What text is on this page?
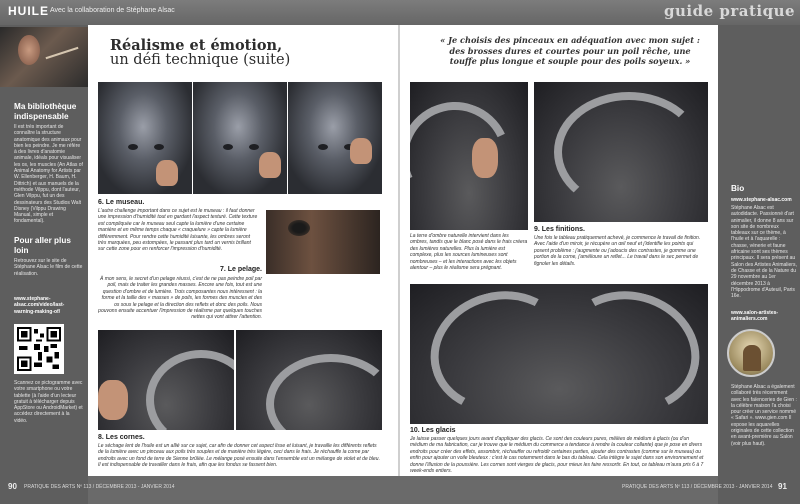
HUILE Avec la collaboration de Stéphane Alsac	guide pratique
Ma bibliothèque indispensable
Il est très important de connaître la structure anatomique des animaux pour bien les peindre. Je me réfère à des livres d'anatomie animale, idéals pour visualiser les os, les muscles (An Atlas of Animal Anatomy for Artists par W. Ellenberger, H. Baum, H. Dittrich) et aux manuels de la méthode Vilppu, dont l'auteur, Glen Vilppu, fut un des dessinateurs des Studios Walt Disney (Vilppu Drawing Manual, simple et fondamental).
Pour aller plus loin
Retrouvez sur le site de Stéphane Alsac le film de cette réalisation.
www.stephane-alsac.com/video/last-warning-making-of/
Scannez ce pictogramme avec votre smartphone ou votre tablette (à l'aide d'un lecteur gratuit à télécharger depuis AppStore ou AndroidMarket) et accédez directement à la vidéo.
Réalisme et émotion,
un défi technique (suite)
« Je choisis des pinceaux en adéquation avec mon sujet : des brosses dures et courtes pour un poil rêche, une touffe plus longue et souple pour des poils soyeux. »
6. Le museau.
L'autre challenge important dans ce sujet est le museau : il faut donner une impression d'humidité tout en gardant l'aspect texturé. Cette texture est compliquée car le museau seul capte la lumière d'une certaine manière et en même temps chaque « craquelure » capte la lumière différemment. Pour rendre cette humidité luisante, les ombres seront très marquées, peu estompées, le passant plus tard un vernis brillant sur cette zone pour en renforcer l'impression d'humidité.
7. Le pelage.
À mon sens, le secret d'un pelage réussi, c'est de ne pas peindre poil par poil, mais de traiter les grandes masses. Encore une fois, tout est une question d'ombre et de lumière. Trois composantes nous intéressent : la forme et la taille des « masses » de poils, les formes des muscles et des os sous le pelage et la direction des reflets et donc des poils. Nous pouvons ensuite accentuer l'impression de réalisme par quelques touches nettes qui vont attirer l'attention.
8. Les cornes.
Le séchage lent de l'huile est un allié sur ce sujet, car afin de donner cet aspect lisse et luisant, je travaille les différents reflets de la lumière avec un pinceau aux poils très souples et de manière très légère, ceci dans le frais. Je réchauffe la corne par endroits avec un fond de terre de Sienne brûlée. Le mélange posé ensuite dans l'ensemble est un mélange de violet et de bleu. Il est indispensable de travailler dans le frais, afin que les fondus se fassent bien.
La terre d'ombre naturelle intervient dans les ombres, tandis que le blanc posé dans le frais créera des lumières naturelles. Plus la lumière est complexe, plus les sources lumineuses sont nombreuses – et les interactions avec les objets alentour – plus le réalisme sera prégnant.
9. Les finitions.
Une fois le tableau pratiquement achevé, je commence le travail de finition. Avec l'aide d'un miroir, je récupère un œil neuf et j'identifie les points qui posent problème : j'augmente ou j'adoucis des contrastes, je gomme une portion de la corne, j'amélioure un reflet... Le travail dans le sec permet de fignoler les détails.
10. Les glacis
Je laisse passer quelques jours avant d'appliquer des glacis. Ce sont des couleurs pures, mêlées de médium à glacis (ou d'un médium de ma fabrication, car je trouve que le médium du commerce a tendance à rendre la couleur collante) que je pose en divers endroits pour créer des effets, assombrir, réchauffer ou refroidir certaines parties, ajouter des contrastes (comme sur le museau) ou enfin pour ajouter un voile bleuteux : c'est le cas notamment dans le bas du tableau. Cela intègre le sujet dans son environnement et donne l'illusion de la poussière. Les cornes sont vierges de glacis, pour mieux les faire ressortir. En tout, ce tableau m'aura pris 6 à 7 week-ends entiers.
Bio
www.stephane-alsac.com
Stéphane Alsac est autodidacte. Passionné d'art animalier, il donne 8 ans sur son site de nombreux tableaux sur ce thème, à l'huile et à l'aquarelle : chasse, vénerie et faune africaine sont ses thèmes principaux. Il sera présent au Salon des Artistes Animaliers, de Chasse et de la Nature du 29 novembre au 1er décembre 2013 à l'Hippodrome d'Auteuil, Paris 16e.
www.salon-artistes-animaliers.com
Stéphane Alsac a également collaboré très récemment avec les faïenceries de Gien : la célèbre maison l'a choisi pour créer un service nommé « Safari ». www.gien.com Il expose les aquarelles originales de cette collection en avant-première au Salon (voir plus haut).
90 PRATIQUE DES ARTS Nº 113 / DÉCEMBRE 2013 - JANVIER 2014	PRATIQUE DES ARTS Nº 113 / DÉCEMBRE 2013 - JANVIER 2014 91
